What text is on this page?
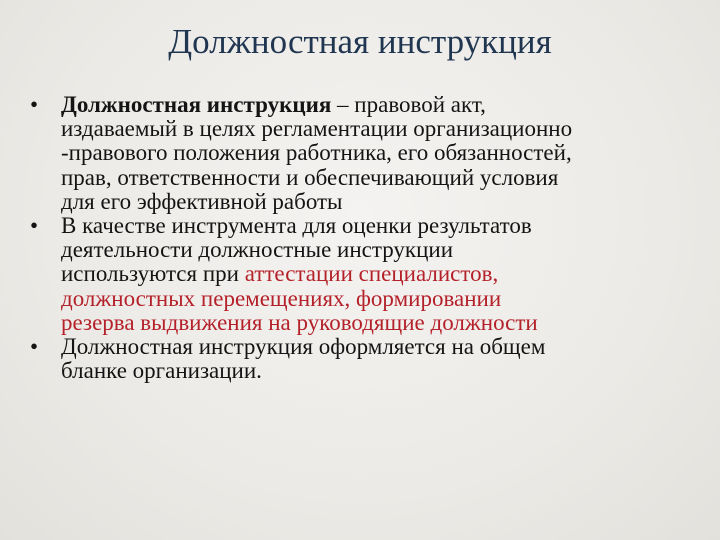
Должностная инструкция
• Должностная инструкция – правовой акт,
издаваемый в целях регламентации организационно
-правового положения работника, его обязанностей,
прав, ответственности и обеспечивающий условия
для его эффективной работы
• В качестве инструмента для оценки результатов
деятельности должностные инструкции
используются при аттестации специалистов,
должностных перемещениях, формировании
резерва выдвижения на руководящие должности
• Должностная инструкция оформляется на общем
бланке организации.
